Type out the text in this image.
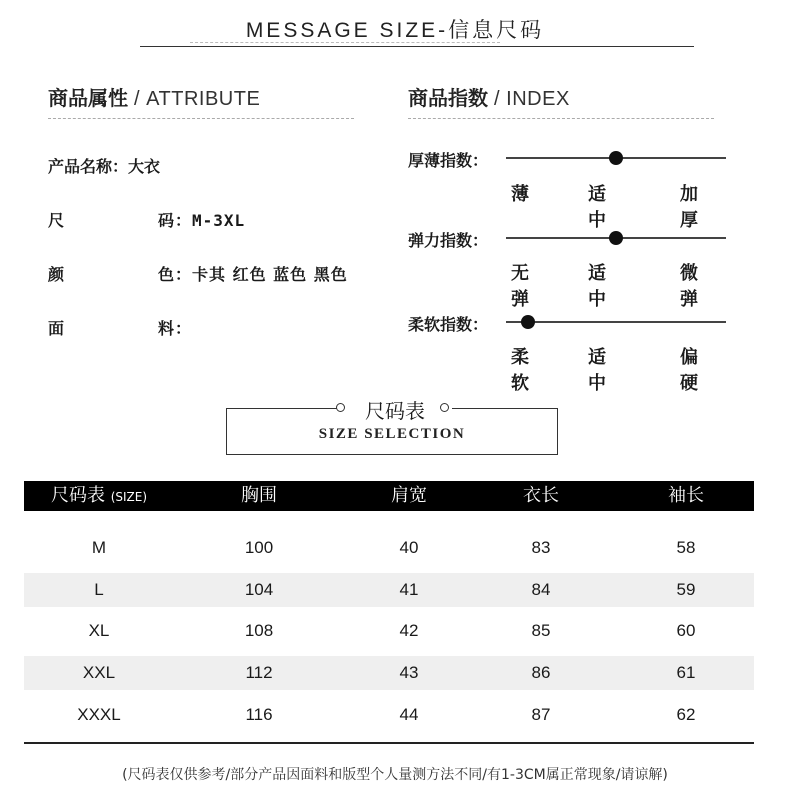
MESSAGE SIZE-信息尺码
商品属性 / ATTRIBUTE
产品名称：大衣
尺	码：M-3XL
颜	色：卡其 红色 蓝色 黑色
面	料：
商品指数 / INDEX
厚薄指数：
薄	适中
加厚
弹力指数：
无弹
适中
微弹
柔软指数：
柔软
适中
偏硬
尺码表
SIZE SELECTION
尺码表 (SIZE)	胸围	肩宽	衣长	袖长
M	100	40	83	58
L	104	41	84	59
XL	108	42	85	60
XXL	112	43	86	61
XXXL	116	44	87	62
(尺码表仅供参考/部分产品因面料和版型个人量测方法不同/有1-3CM属正常现象/请谅解)
